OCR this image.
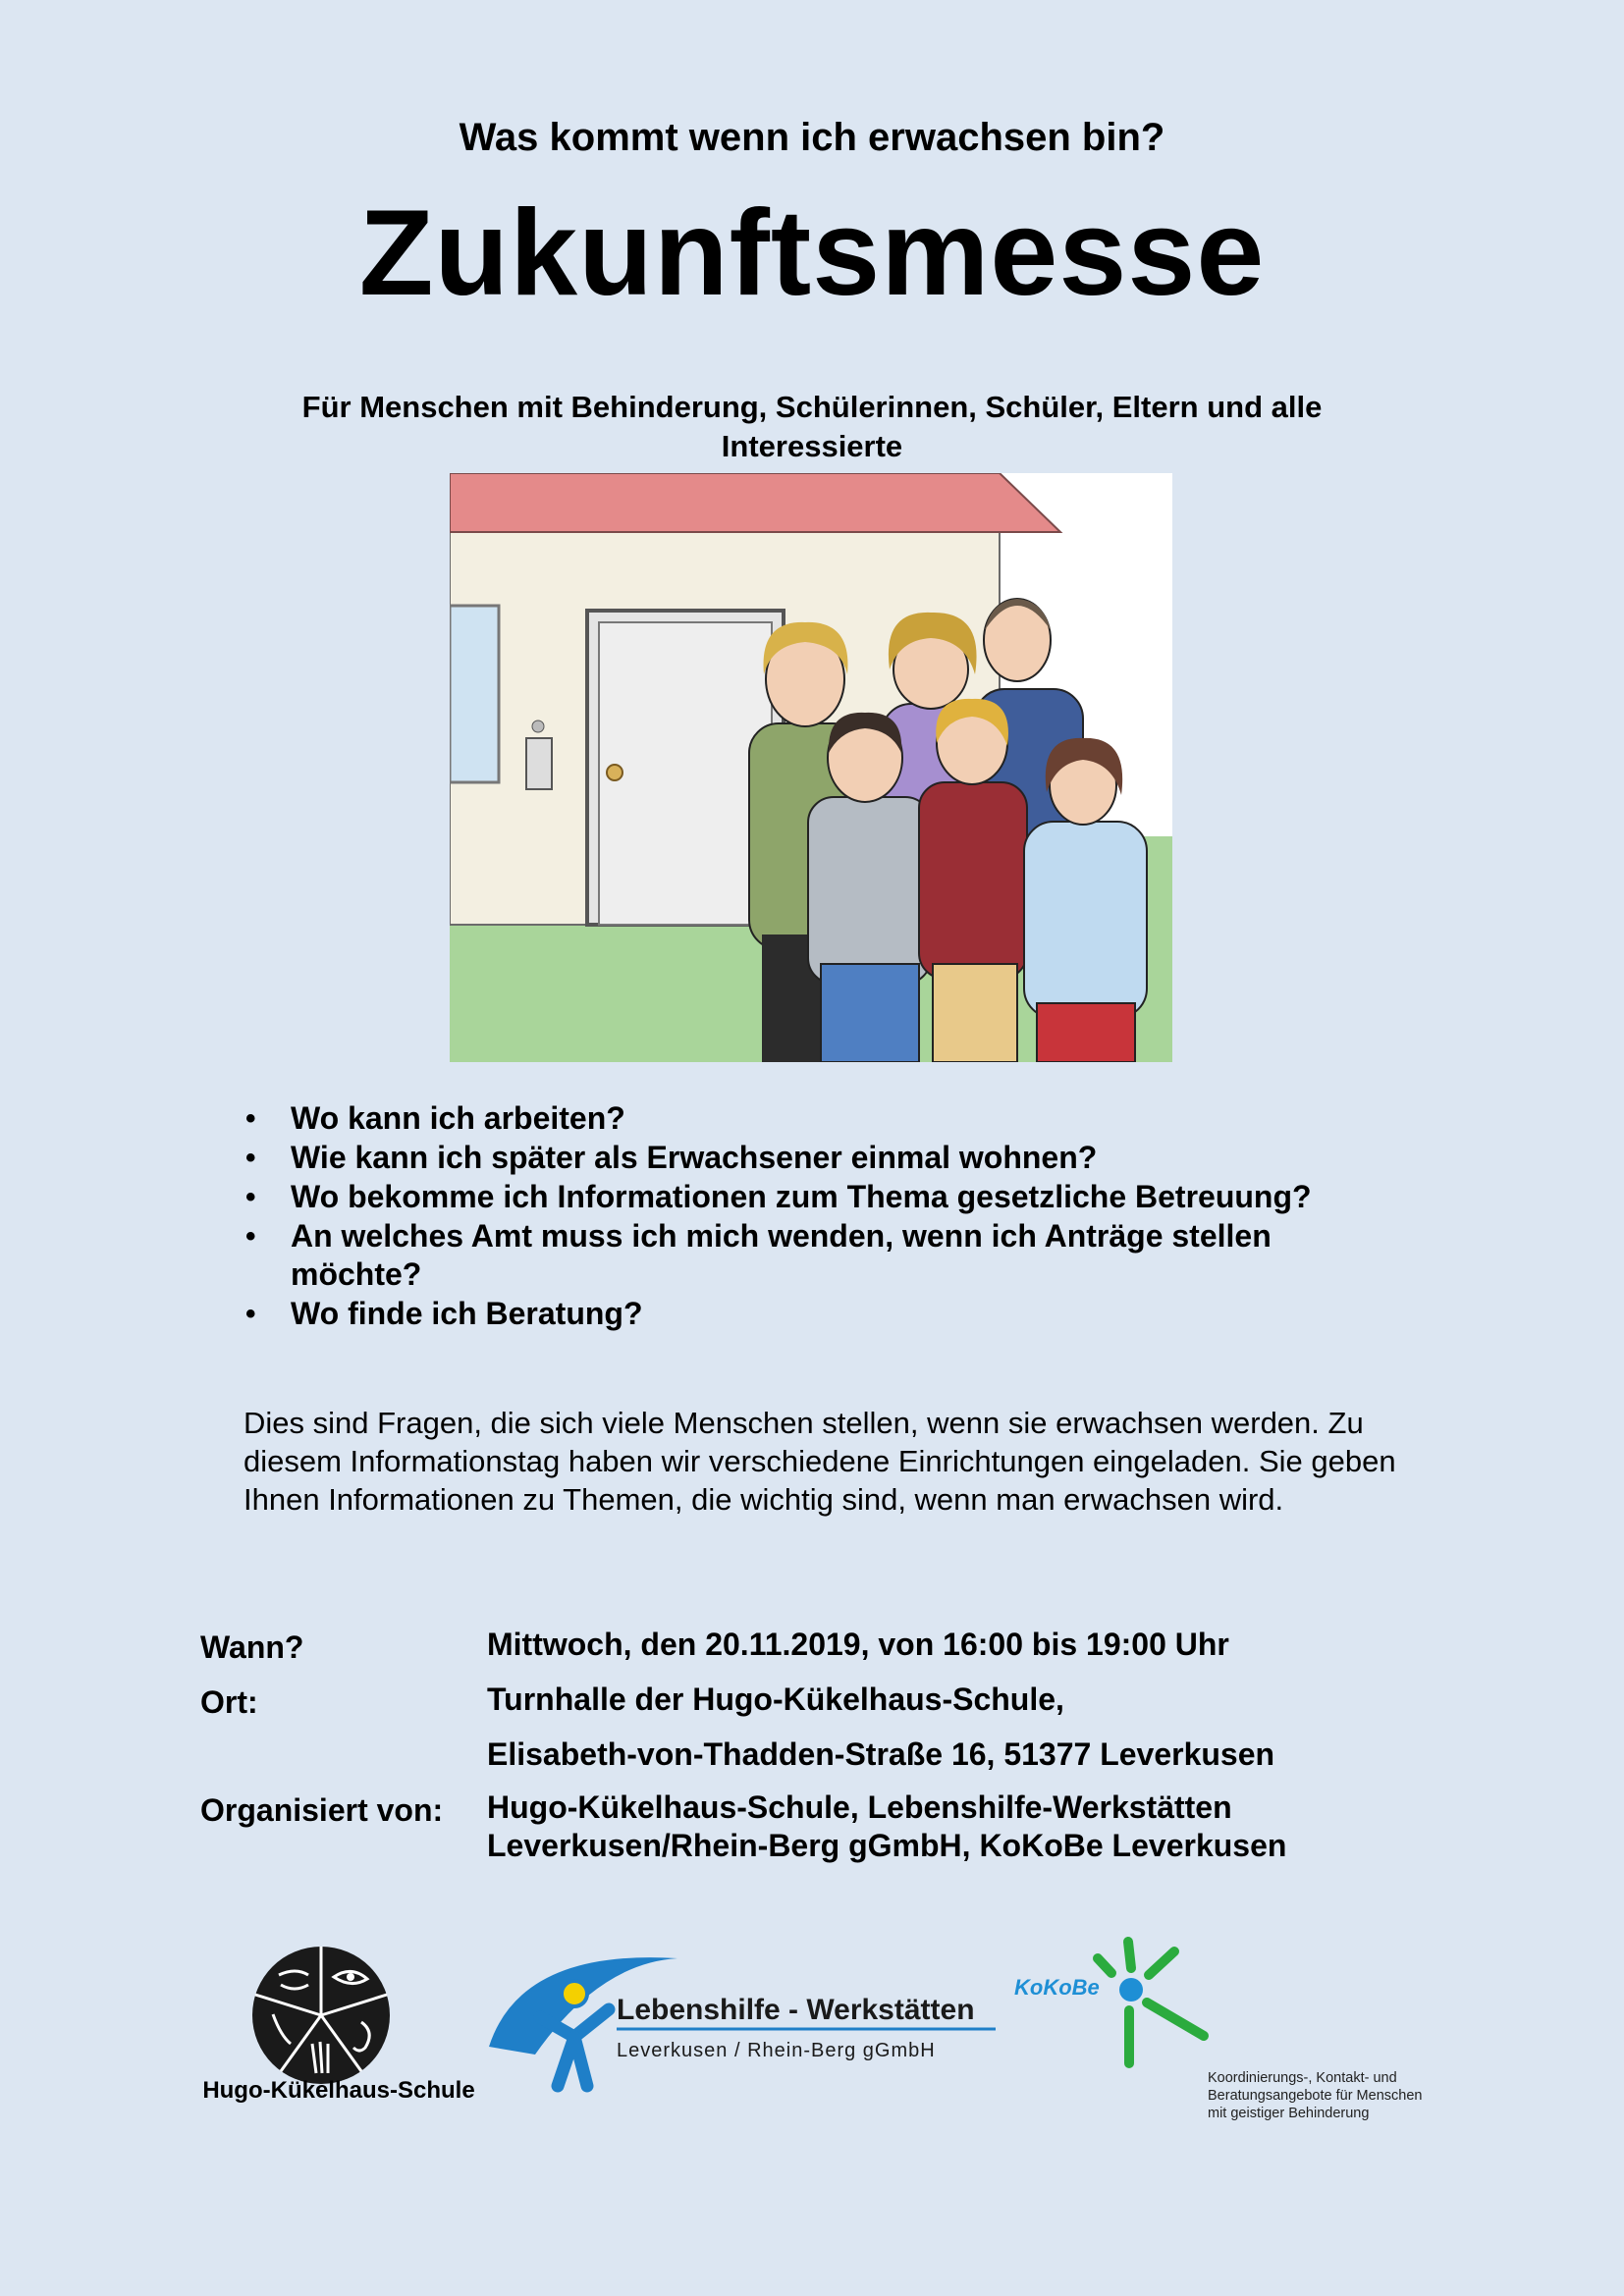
Was kommt wenn ich erwachsen bin?
Zukunftsmesse
Für Menschen mit Behinderung, Schülerinnen, Schüler, Eltern und alle Interessierte
• Wo kann ich arbeiten?
• Wie kann ich später als Erwachsener einmal wohnen?
• Wo bekomme ich Informationen zum Thema gesetzliche Betreuung?
• An welches Amt muss ich mich wenden, wenn ich Anträge stellen möchte?
• Wo finde ich Beratung?
Dies sind Fragen, die sich viele Menschen stellen, wenn sie erwachsen werden. Zu diesem Informationstag haben wir verschiedene Einrichtungen eingeladen. Sie geben Ihnen Informationen zu Themen, die wichtig sind, wenn man erwachsen wird.
Wann?	Mittwoch, den 20.11.2019, von 16:00 bis 19:00 Uhr
Ort:	Turnhalle der Hugo-Kükelhaus-Schule,
Elisabeth-von-Thadden-Straße 16, 51377 Leverkusen
Organisiert von: Hugo-Kükelhaus-Schule, Lebenshilfe-Werkstätten
Leverkusen/Rhein-Berg gGmbH, KoKoBe Leverkusen
Hugo-Kükelhaus-Schule
Lebenshilfe - Werkstätten
Leverkusen / Rhein-Berg gGmbH
KoKoBe
Koordinierungs-, Kontakt- und
Beratungsangebote für Menschen
mit geistiger Behinderung
